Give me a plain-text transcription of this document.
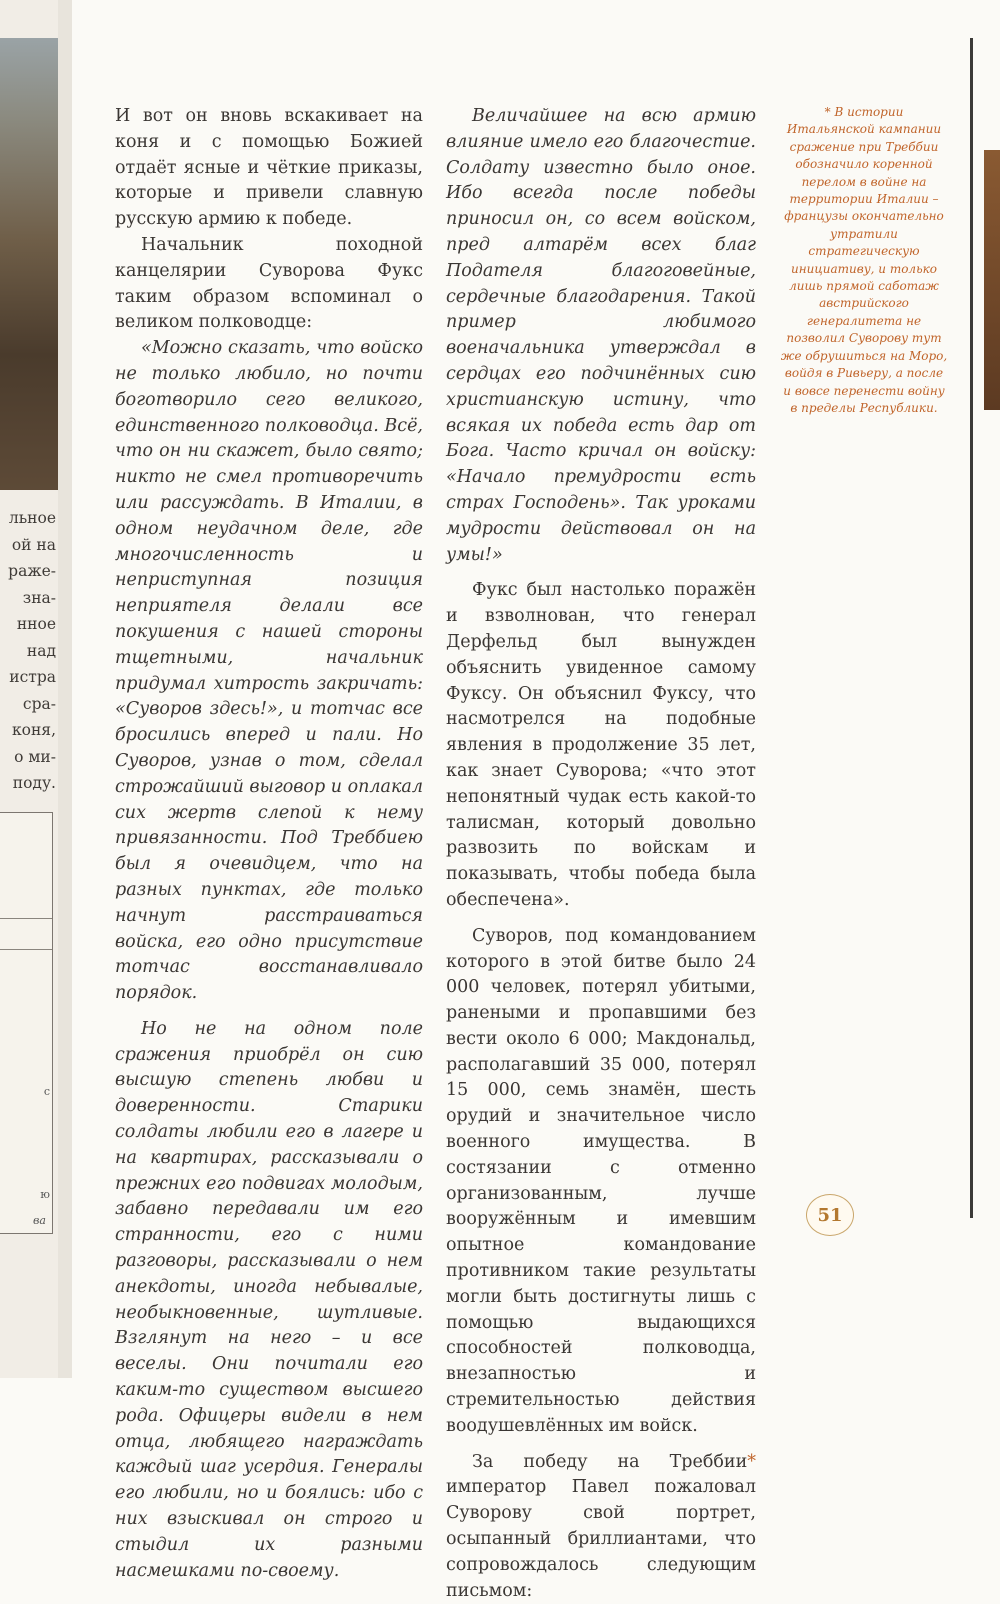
льное
ой на
раже-
зна-
нное
над
истра
сра-
коня,
о ми-
поду.
с
ю
ва

И вот он вновь вскакивает на коня и с помощью Божией отдаёт ясные и чёткие приказы, которые и привели славную русскую армию к победе.

Начальник походной канцелярии Суворова Фукс таким образом вспоминал о великом полководце:

«Можно сказать, что войско не только любило, но почти боготворило сего великого, единственного полководца. Всё, что он ни скажет, было свято; никто не смел противоречить или рассуждать. В Италии, в одном неудачном деле, где многочисленность и неприступная позиция неприятеля делали все покушения с нашей стороны тщетными, начальник придумал хитрость закричать: «Суворов здесь!», и тотчас все бросились вперед и пали. Но Суворов, узнав о том, сделал строжайший выговор и оплакал сих жертв слепой к нему привязанности. Под Треббиею был я очевидцем, что на разных пунктах, где только начнут расстраиваться войска, его одно присутствие тотчас восстанавливало порядок.

Но не на одном поле сражения приобрёл он сию высшую степень любви и доверенности. Старики солдаты любили его в лагере и на квартирах, рассказывали о прежних его подвигах молодым, забавно передавали им его странности, его с ними разговоры, рассказывали о нем анекдоты, иногда небывалые, необыкновенные, шутливые. Взглянут на него – и все веселы. Они почитали его каким-то существом высшего рода. Офицеры видели в нем отца, любящего награждать каждый шаг усердия. Генералы его любили, но и боялись: ибо с них взыскивал он строго и стыдил их разными насмешками по-своему.

Величайшее на всю армию влияние имело его благочестие. Солдату известно было оное. Ибо всегда после победы приносил он, со всем войском, пред алтарём всех благ Подателя благоговейные, сердечные благодарения. Такой пример любимого военачальника утверждал в сердцах его подчинённых сию христианскую истину, что всякая их победа есть дар от Бога. Часто кричал он войску: «Начало премудрости есть страх Господень». Так уроками мудрости действовал он на умы!»

Фукс был настолько поражён и взволнован, что генерал Дерфельд был вынужден объяснить увиденное самому Фуксу. Он объяснил Фуксу, что насмотрелся на подобные явления в продолжение 35 лет, как знает Суворова; «что этот непонятный чудак есть какой-то талисман, который довольно развозить по войскам и показывать, чтобы победа была обеспечена».

Суворов, под командованием которого в этой битве было 24 000 человек, потерял убитыми, ранеными и пропавшими без вести около 6 000; Макдональд, располагавший 35 000, потерял 15 000, семь знамён, шесть орудий и значительное число военного имущества. В состязании с отменно организованным, лучше вооружённым и имевшим опытное командование противником такие результаты могли быть достигнуты лишь с помощью выдающихся способностей полководца, внезапностью и стремительностью действия воодушевлённых им войск.

За победу на Треббии* император Павел пожаловал Суворову свой портрет, осыпанный бриллиантами, что сопровождалось следующим письмом:

* В истории Итальянской кампании сражение при Треббии обозначило коренной перелом в войне на территории Италии – французы окончательно утратили стратегическую инициативу, и только лишь прямой саботаж австрийского генералитета не позволил Суворову тут же обрушиться на Моро, войдя в Ривьеру, а после и вовсе перенести войну в пределы Республики.
51
